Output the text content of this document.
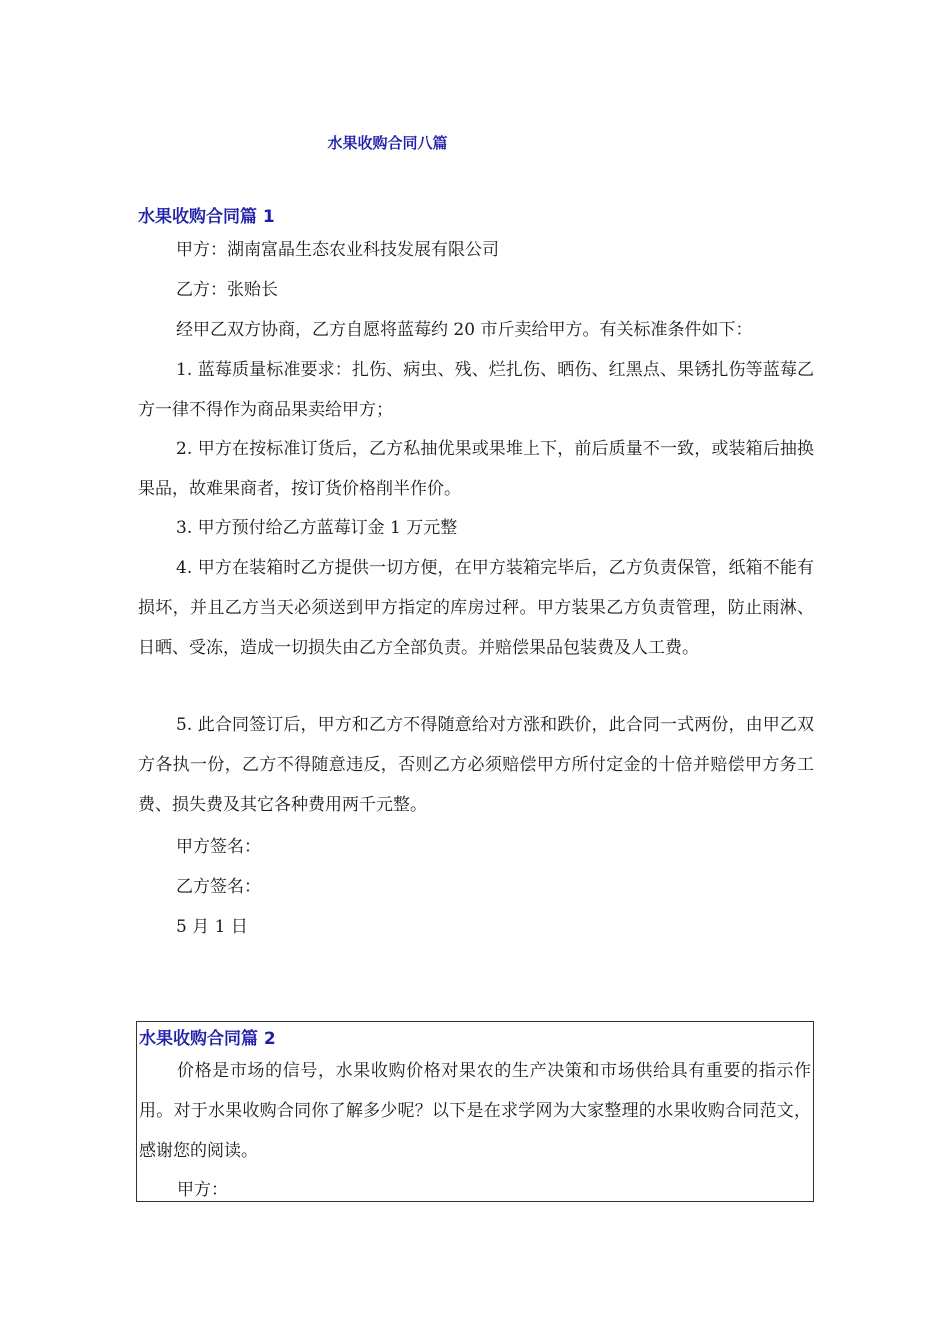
水果收购合同八篇
水果收购合同篇 1

甲方：湖南富晶生态农业科技发展有限公司

乙方：张贻长

经甲乙双方协商，乙方自愿将蓝莓约 20 市斤卖给甲方。有关标准条件如下：

1. 蓝莓质量标准要求：扎伤、病虫、残、烂扎伤、晒伤、红黑点、果锈扎伤等蓝莓乙方一律不得作为商品果卖给甲方；

2. 甲方在按标准订货后，乙方私抽优果或果堆上下，前后质量不一致，或装箱后抽换果品，故难果商者，按订货价格削半作价。

3. 甲方预付给乙方蓝莓订金 1 万元整

4. 甲方在装箱时乙方提供一切方便，在甲方装箱完毕后，乙方负责保管，纸箱不能有损坏，并且乙方当天必须送到甲方指定的库房过秤。甲方装果乙方负责管理，防止雨淋、日晒、受冻，造成一切损失由乙方全部负责。并赔偿果品包装费及人工费。

5. 此合同签订后，甲方和乙方不得随意给对方涨和跌价，此合同一式两份，由甲乙双方各执一份，乙方不得随意违反，否则乙方必须赔偿甲方所付定金的十倍并赔偿甲方务工费、损失费及其它各种费用两千元整。

甲方签名：

乙方签名：

5 月 1 日

水果收购合同篇 2

价格是市场的信号，水果收购价格对果农的生产决策和市场供给具有重要的指示作用。对于水果收购合同你了解多少呢？以下是在求学网为大家整理的水果收购合同范文，感谢您的阅读。

甲方：
